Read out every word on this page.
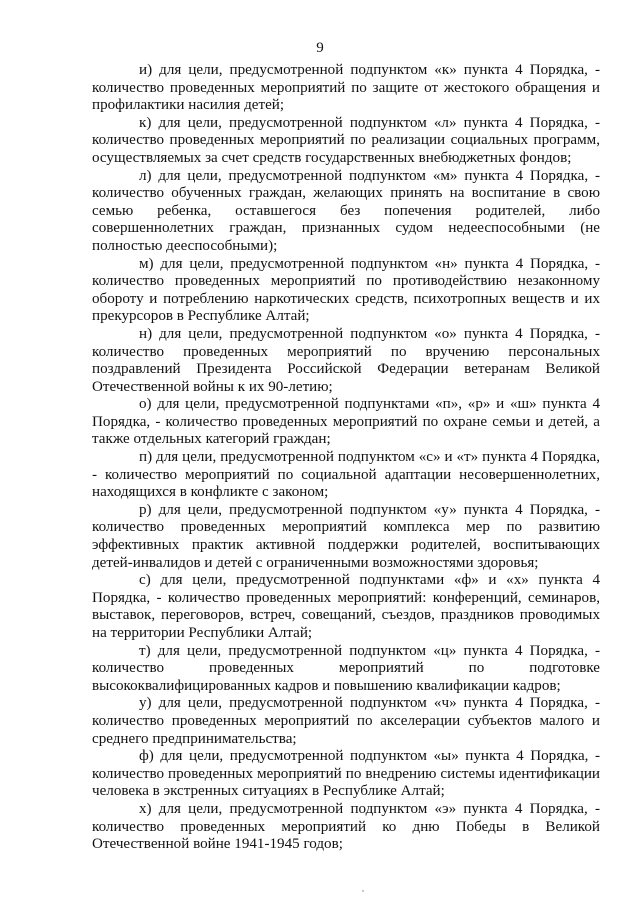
9

и) для цели, предусмотренной подпунктом «к» пункта 4 Порядка, - количество проведенных мероприятий по защите от жестокого обращения и профилактики насилия детей;

к) для цели, предусмотренной подпунктом «л» пункта 4 Порядка, - количество проведенных мероприятий по реализации социальных программ, осуществляемых за счет средств государственных внебюджетных фондов;

л) для цели, предусмотренной подпунктом «м» пункта 4 Порядка, - количество обученных граждан, желающих принять на воспитание в свою семью ребенка, оставшегося без попечения родителей, либо совершеннолетних граждан, признанных судом недееспособными (не полностью дееспособными);

м) для цели, предусмотренной подпунктом «н» пункта 4 Порядка, - количество проведенных мероприятий по противодействию незаконному обороту и потреблению наркотических средств, психотропных веществ и их прекурсоров в Республике Алтай;

н) для цели, предусмотренной подпунктом «о» пункта 4 Порядка, - количество проведенных мероприятий по вручению персональных поздравлений Президента Российской Федерации ветеранам Великой Отечественной войны к их 90-летию;

о) для цели, предусмотренной подпунктами «п», «р» и «ш» пункта 4 Порядка, - количество проведенных мероприятий по охране семьи и детей, а также отдельных категорий граждан;

п) для цели, предусмотренной подпунктом «с» и «т» пункта 4 Порядка, - количество мероприятий по социальной адаптации несовершеннолетних, находящихся в конфликте с законом;

р) для цели, предусмотренной подпунктом «у» пункта 4 Порядка, - количество проведенных мероприятий комплекса мер по развитию эффективных практик активной поддержки родителей, воспитывающих детей-инвалидов и детей с ограниченными возможностями здоровья;

с) для цели, предусмотренной подпунктами «ф» и «х» пункта 4 Порядка, - количество проведенных мероприятий: конференций, семинаров, выставок, переговоров, встреч, совещаний, съездов, праздников проводимых на территории Республики Алтай;

т) для цели, предусмотренной подпунктом «ц» пункта 4 Порядка, - количество проведенных мероприятий по подготовке высококвалифицированных кадров и повышению квалификации кадров;

у) для цели, предусмотренной подпунктом «ч» пункта 4 Порядка, - количество проведенных мероприятий по акселерации субъектов малого и среднего предпринимательства;

ф) для цели, предусмотренной подпунктом «ы» пункта 4 Порядка, - количество проведенных мероприятий по внедрению системы идентификации человека в экстренных ситуациях в Республике Алтай;

х) для цели, предусмотренной подпунктом «э» пункта 4 Порядка, - количество проведенных мероприятий ко дню Победы в Великой Отечественной войне 1941-1945 годов;
